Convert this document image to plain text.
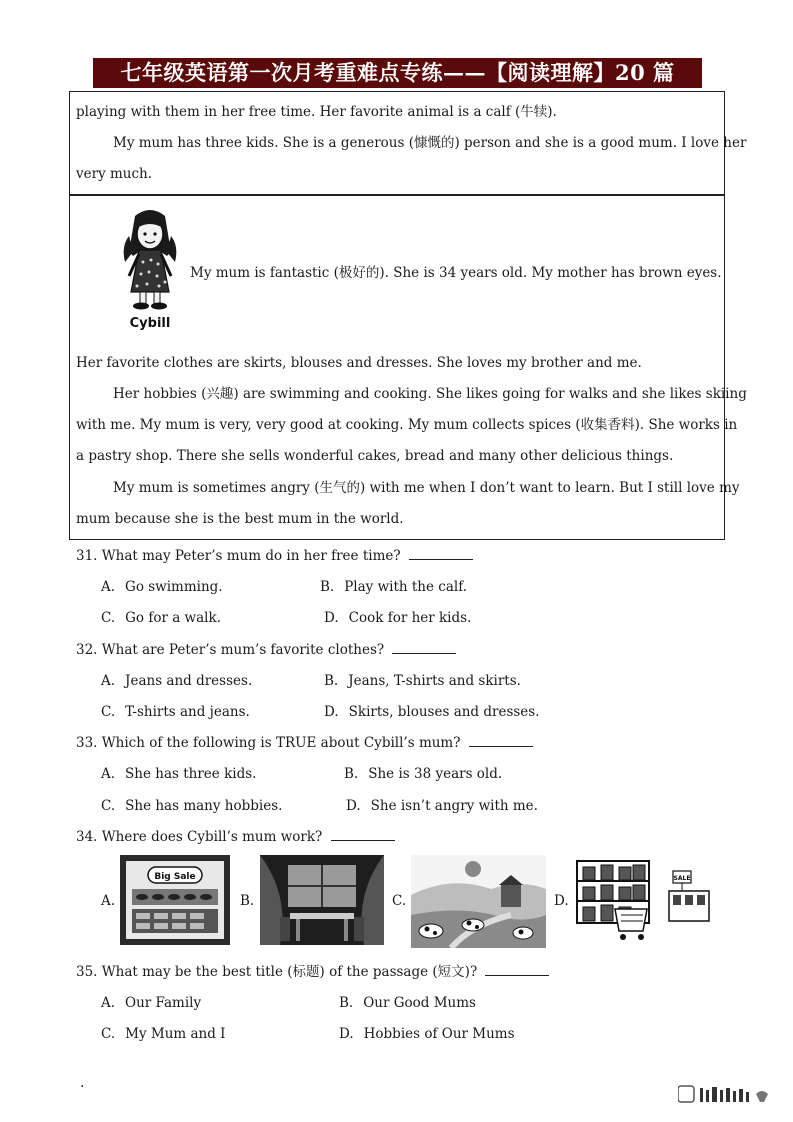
七年级英语第一次月考重难点专练——【阅读理解】20 篇
playing with them in her free time. Her favorite animal is a calf (牛犊).
My mum has three kids. She is a generous (慷慨的) person and she is a good mum. I love her
very much.
Cybill
My mum is fantastic (极好的). She is 34 years old. My mother has brown eyes.
Her favorite clothes are skirts, blouses and dresses. She loves my brother and me.
Her hobbies (兴趣) are swimming and cooking. She likes going for walks and she likes skiing
with me. My mum is very, very good at cooking. My mum collects spices (收集香料). She works in
a pastry shop. There she sells wonderful cakes, bread and many other delicious things.
My mum is sometimes angry (生气的) with me when I don’t want to learn. But I still love my
mum because she is the best mum in the world.
31. What may Peter’s mum do in her free time?
A. Go swimming.	B. Play with the calf.
C. Go for a walk.	D. Cook for her kids.
32. What are Peter’s mum’s favorite clothes?
A. Jeans and dresses.	B. Jeans, T-shirts and skirts.
C. T-shirts and jeans.	D. Skirts, blouses and dresses.
33. Which of the following is TRUE about Cybill’s mum?
A. She has three kids.	B. She is 38 years old.
C. She has many hobbies.	D. She isn’t angry with me.
34. Where does Cybill’s mum work?
A.
Big Sale
B.	C.	D.
SALE
35. What may be the best title (标题) of the passage (短文)?
A. Our Family	B. Our Good Mums
C. My Mum and I	D. Hobbies of Our Mums
.
